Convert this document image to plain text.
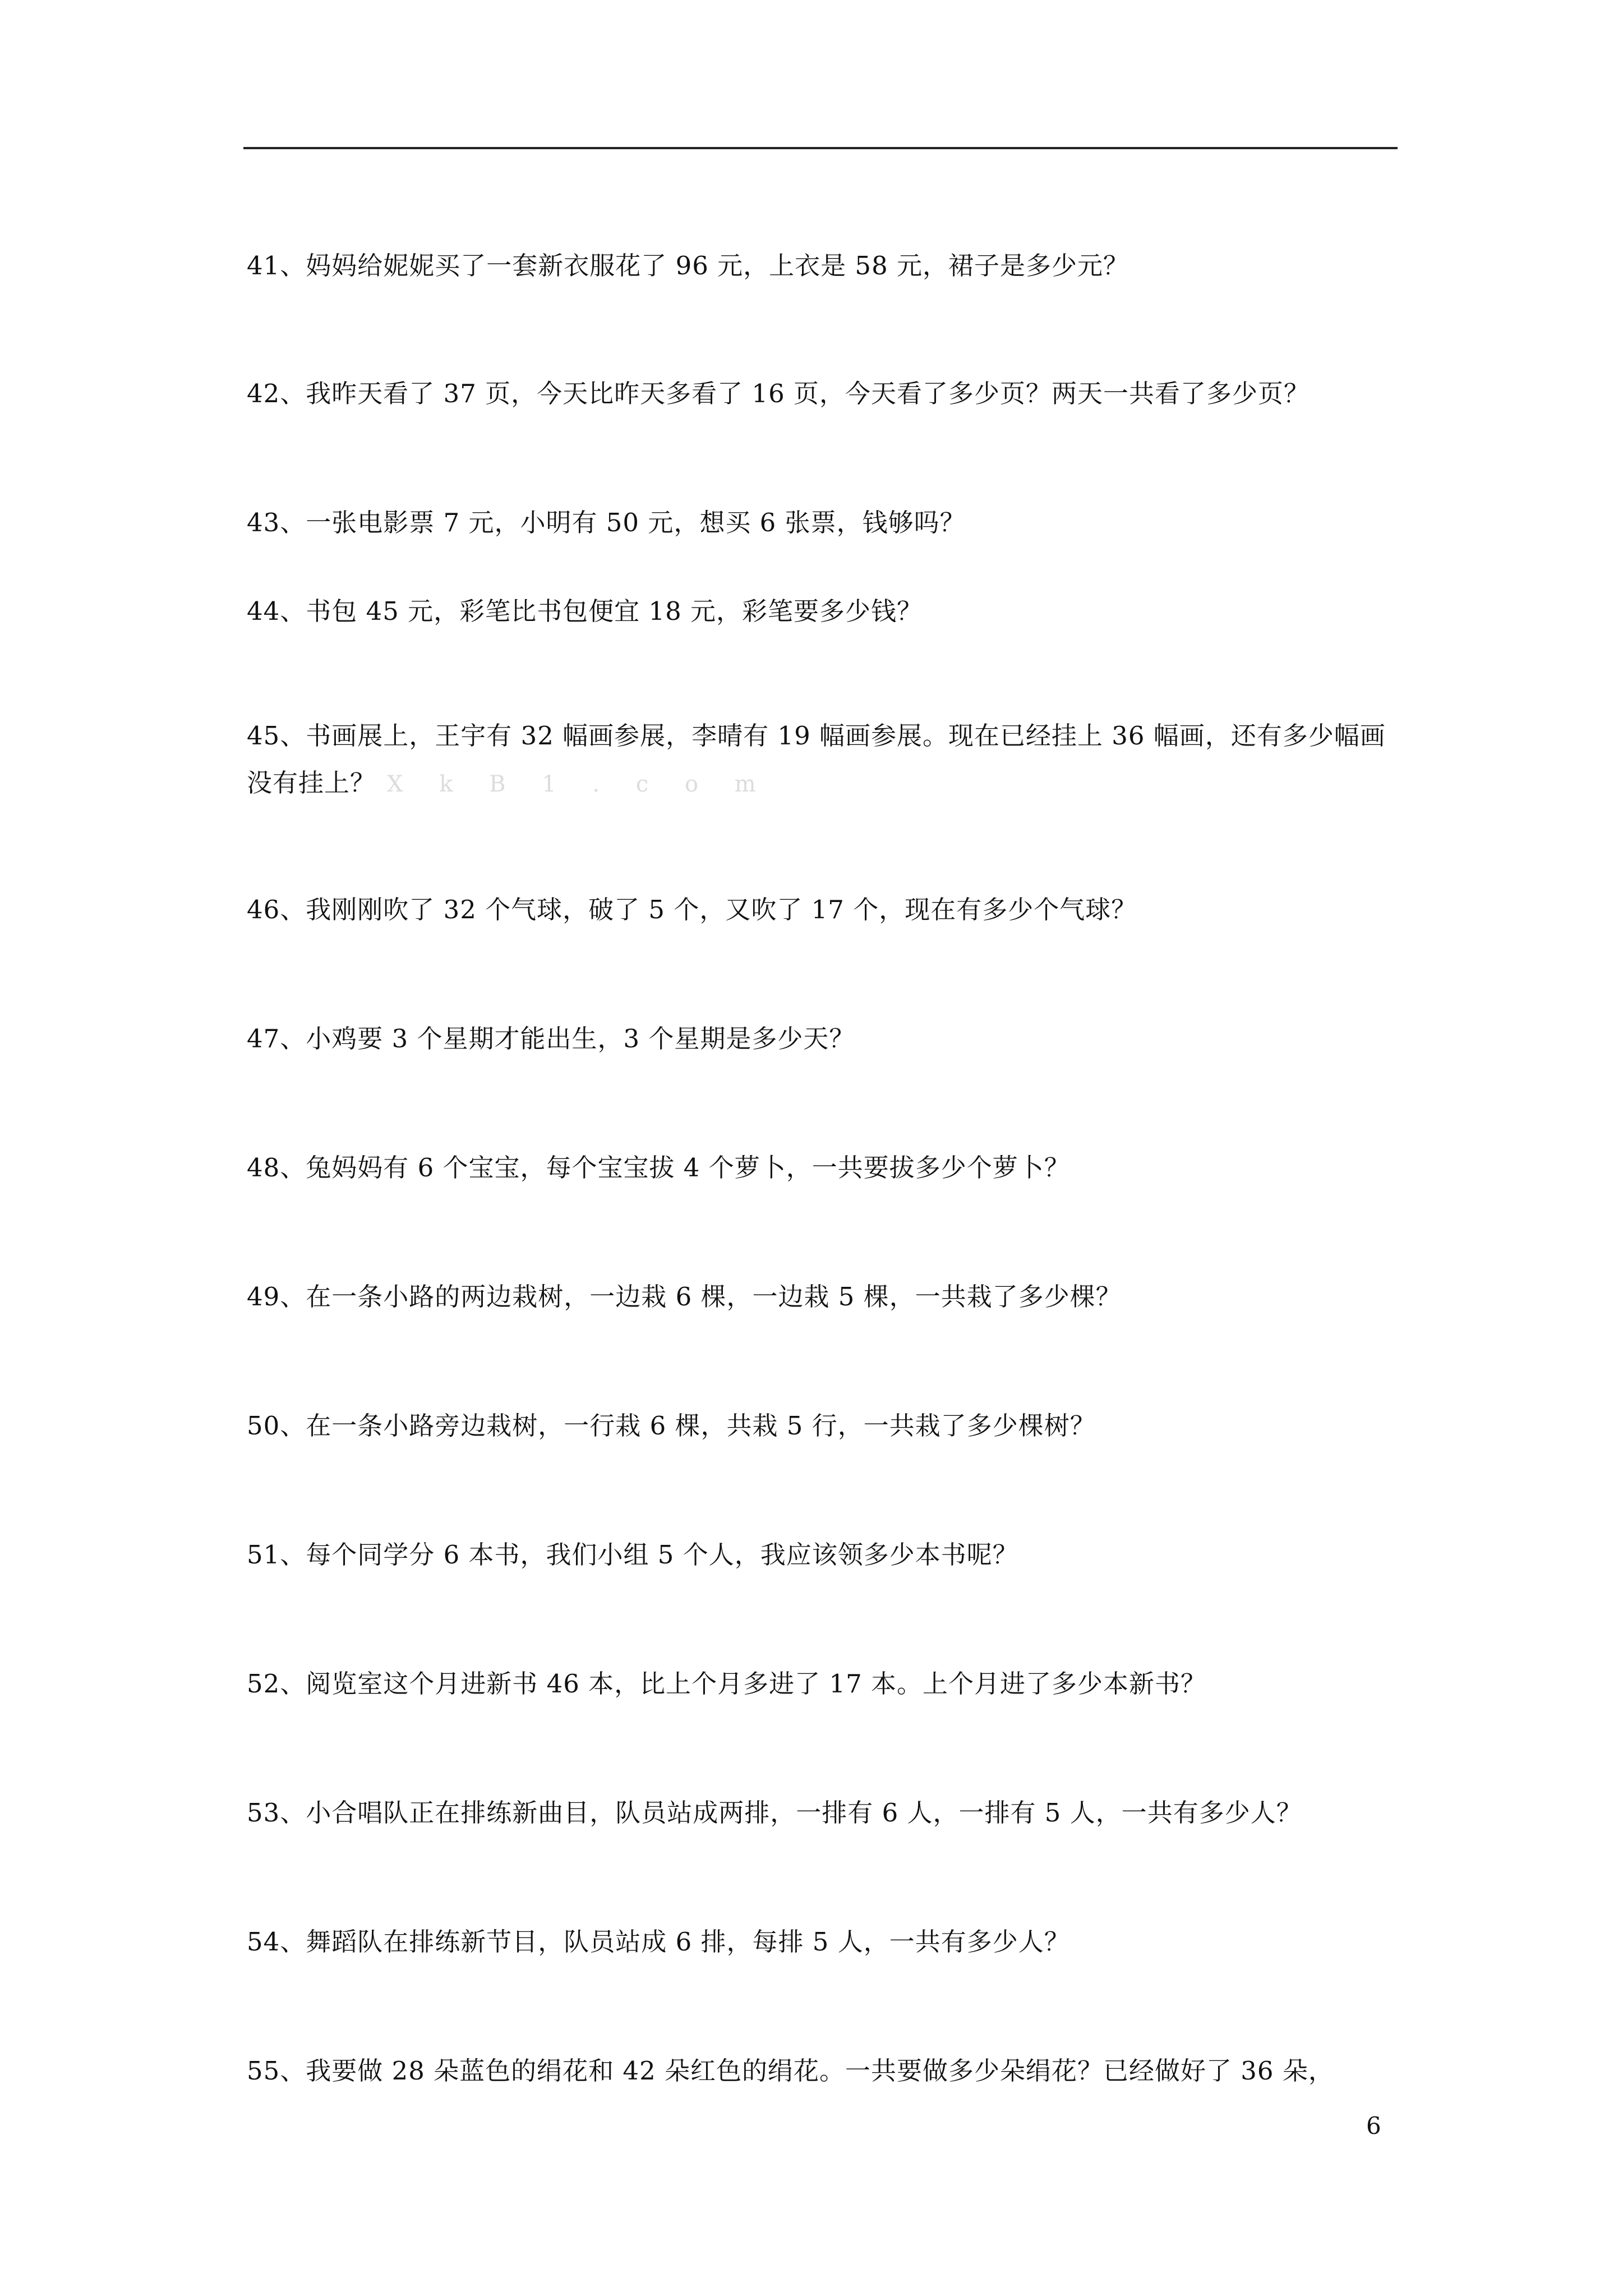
41、妈妈给妮妮买了一套新衣服花了 96 元，上衣是 58 元，裙子是多少元？
42、我昨天看了 37 页，今天比昨天多看了 16 页，今天看了多少页？两天一共看了多少页？
43、一张电影票 7 元，小明有 50 元，想买 6 张票，钱够吗？
44、书包 45 元，彩笔比书包便宜 18 元，彩笔要多少钱？
45、书画展上，王宇有 32 幅画参展，李晴有 19 幅画参展。现在已经挂上 36 幅画，还有多少幅画没有挂上？ X k B 1 . c o m
46、我刚刚吹了 32 个气球，破了 5 个，又吹了 17 个，现在有多少个气球？
47、小鸡要 3 个星期才能出生，3 个星期是多少天？
48、兔妈妈有 6 个宝宝，每个宝宝拔 4 个萝卜，一共要拔多少个萝卜？
49、在一条小路的两边栽树，一边栽 6 棵，一边栽 5 棵，一共栽了多少棵？
50、在一条小路旁边栽树，一行栽 6 棵，共栽 5 行，一共栽了多少棵树？
51、每个同学分 6 本书，我们小组 5 个人，我应该领多少本书呢？
52、阅览室这个月进新书 46 本，比上个月多进了 17 本。上个月进了多少本新书？
53、小合唱队正在排练新曲目，队员站成两排，一排有 6 人，一排有 5 人，一共有多少人？
54、舞蹈队在排练新节目，队员站成 6 排，每排 5 人，一共有多少人？
55、我要做 28 朵蓝色的绢花和 42 朵红色的绢花。一共要做多少朵绢花？已经做好了 36 朵，
6
